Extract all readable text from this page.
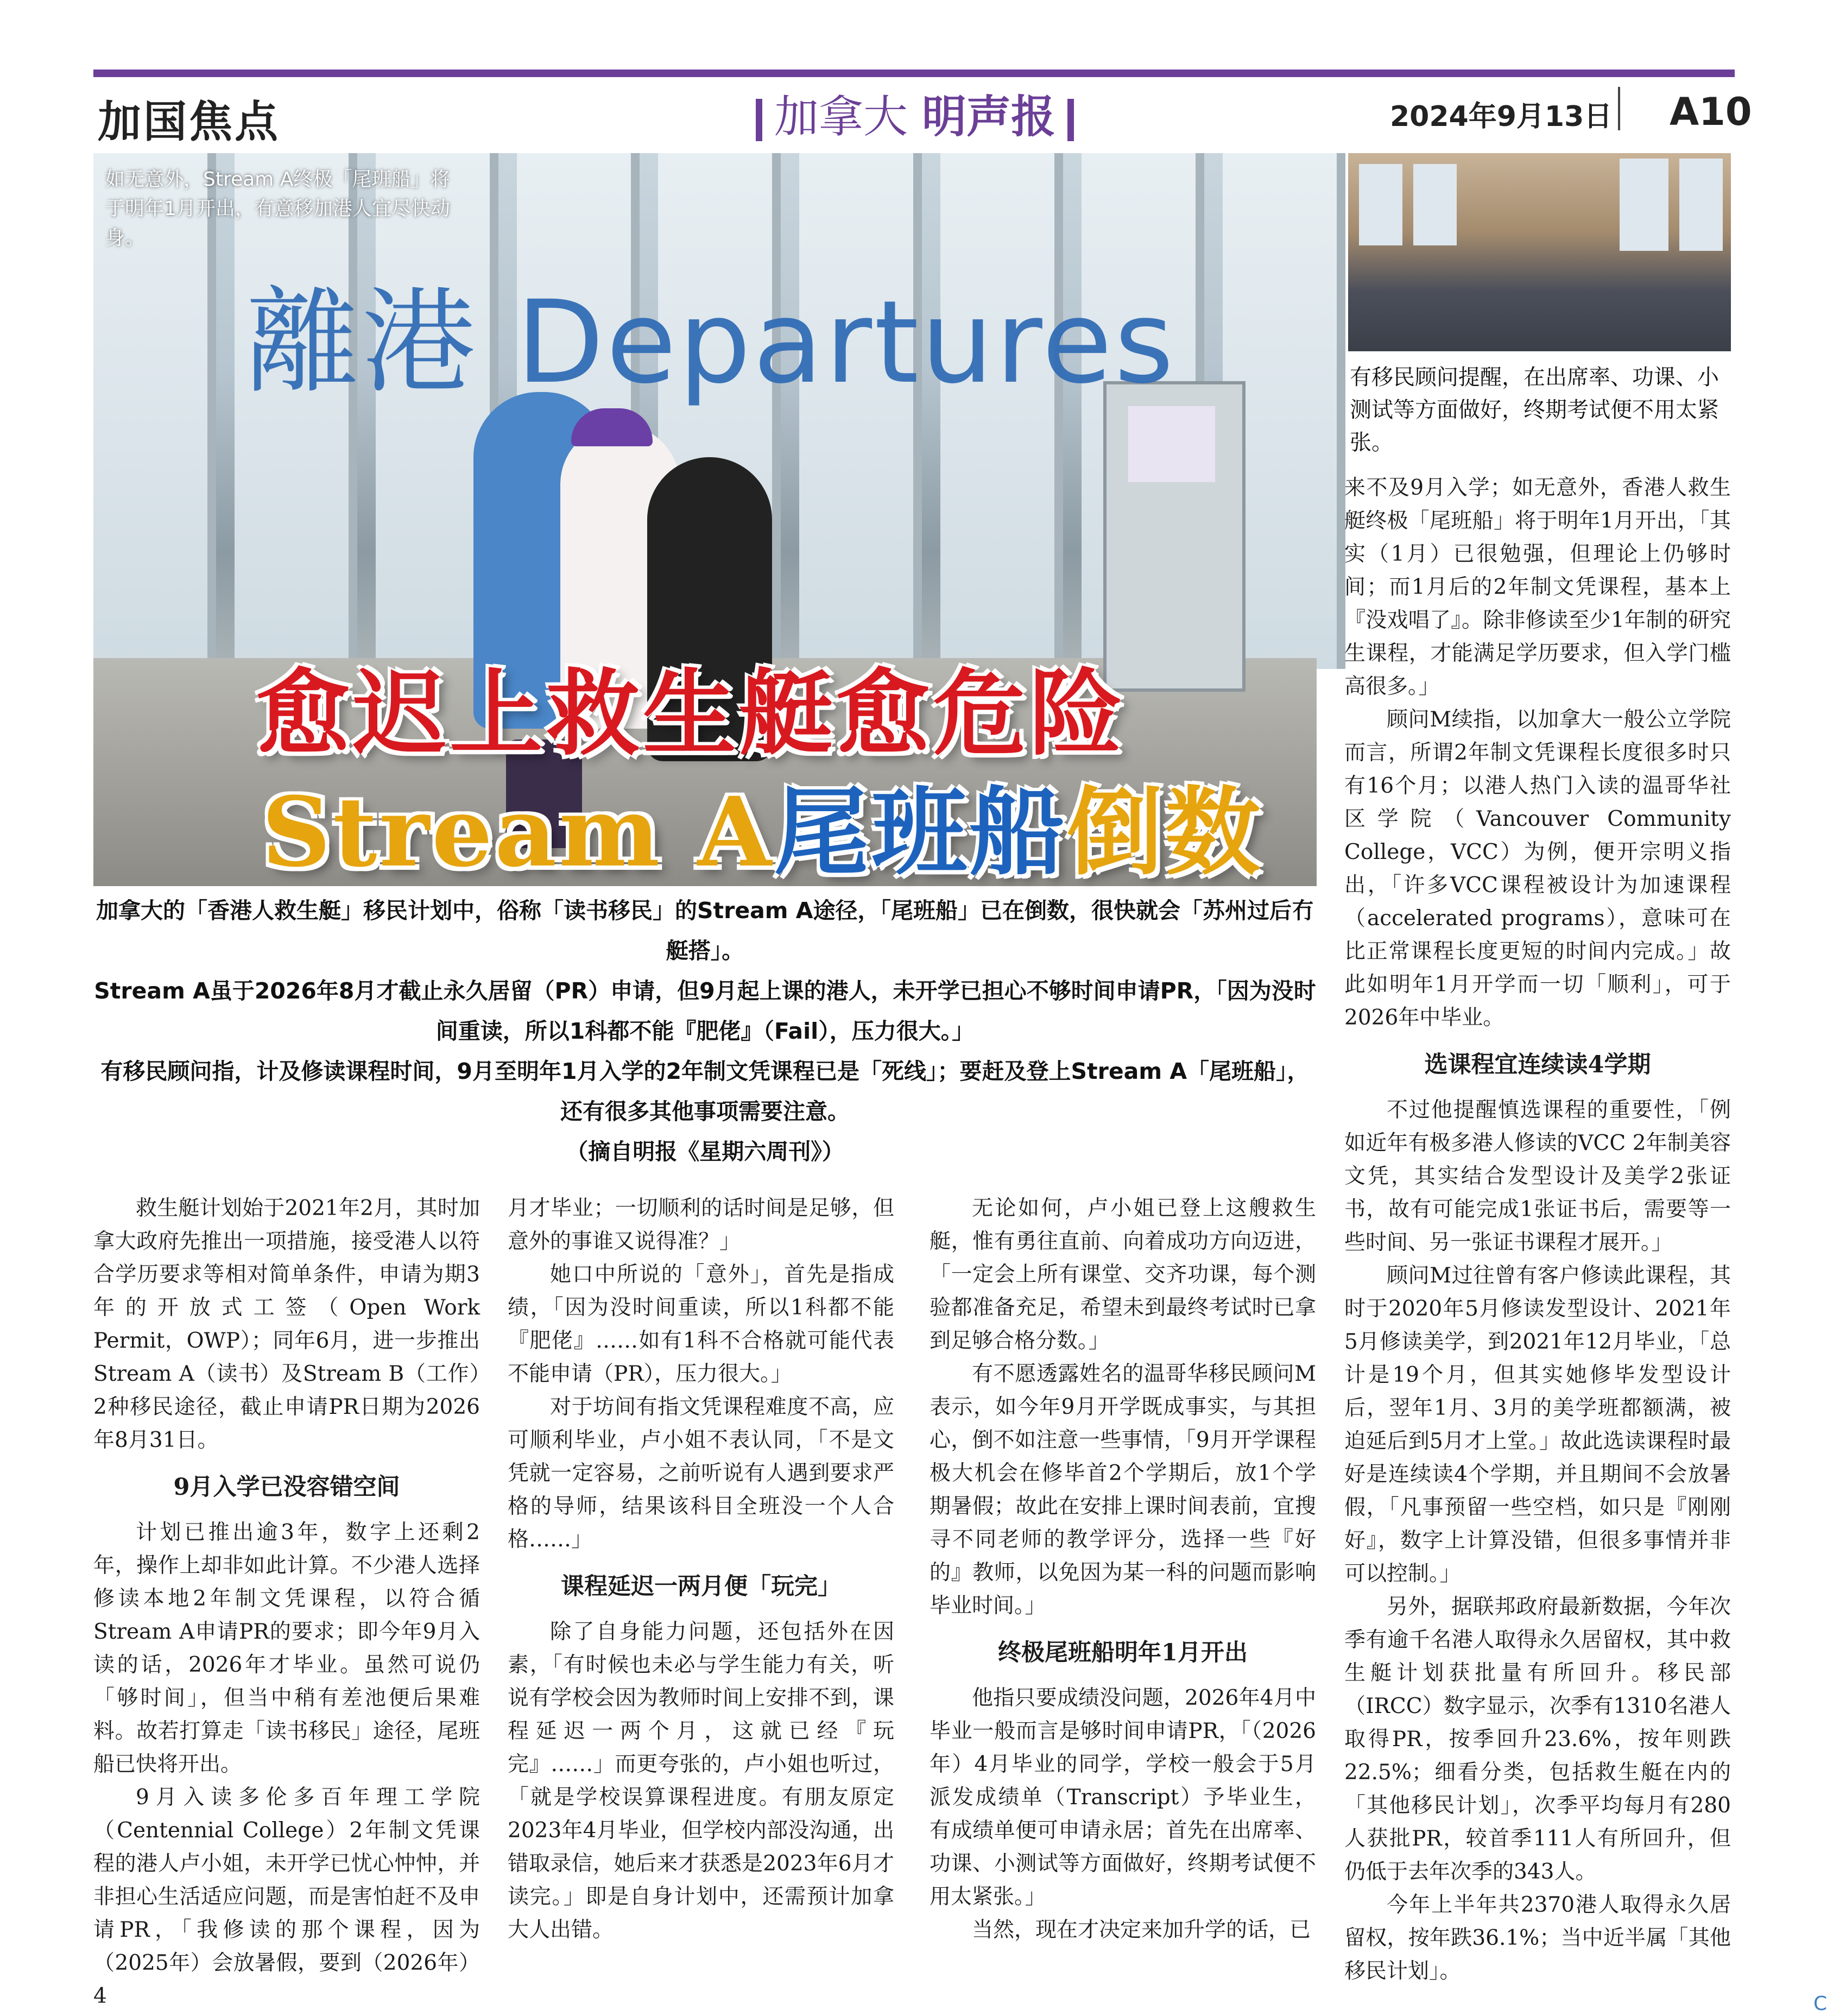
加国焦点	加拿大 明声报	2024年9月13日 A10
離港 Departures
如无意外，Stream A终极「尾班船」将于明年1月开出，有意移加港人宜尽快动身。
愈迟上救生艇愈危险
Stream A尾班船倒数
有移民顾问提醒，在出席率、功课、小测试等方面做好，终期考试便不用太紧张。

加拿大的「香港人救生艇」移民计划中，俗称「读书移民」的Stream A途径，「尾班船」已在倒数，很快就会「苏州过后冇艇搭」。

Stream A虽于2026年8月才截止永久居留（PR）申请，但9月起上课的港人，未开学已担心不够时间申请PR，「因为没时间重读，所以1科都不能『肥佬』（Fail），压力很大。」

有移民顾问指，计及修读课程时间，9月至明年1月入学的2年制文凭课程已是「死线」；要赶及登上Stream A「尾班船」，还有很多其他事项需要注意。

（摘自明报《星期六周刊》）

救生艇计划始于2021年2月，其时加拿大政府先推出一项措施，接受港人以符合学历要求等相对简单条件，申请为期3年的开放式工签（Open Work Permit，OWP）；同年6月，进一步推出Stream A（读书）及Stream B（工作）2种移民途径，截止申请PR日期为2026年8月31日。

9月入学已没容错空间

计划已推出逾3年，数字上还剩2年，操作上却非如此计算。不少港人选择修读本地2年制文凭课程，以符合循Stream A申请PR的要求；即今年9月入读的话，2026年才毕业。虽然可说仍「够时间」，但当中稍有差池便后果难料。故若打算走「读书移民」途径，尾班船已快将开出。

9月入读多伦多百年理工学院（Centennial College）2年制文凭课程的港人卢小姐，未开学已忧心忡忡，并非担心生活适应问题，而是害怕赶不及申请PR，「我修读的那个课程，因为（2025年）会放暑假，要到（2026年）4

月才毕业；一切顺利的话时间是足够，但意外的事谁又说得准？」

她口中所说的「意外」，首先是指成绩，「因为没时间重读，所以1科都不能『肥佬』……如有1科不合格就可能代表不能申请（PR），压力很大。」

对于坊间有指文凭课程难度不高，应可顺利毕业，卢小姐不表认同，「不是文凭就一定容易，之前听说有人遇到要求严格的导师，结果该科目全班没一个人合格……」

课程延迟一两月便「玩完」

除了自身能力问题，还包括外在因素，「有时候也未必与学生能力有关，听说有学校会因为教师时间上安排不到，课程延迟一两个月，这就已经『玩完』……」而更夸张的，卢小姐也听过，「就是学校误算课程进度。有朋友原定2023年4月毕业，但学校内部没沟通，出错取录信，她后来才获悉是2023年6月才读完。」即是自身计划中，还需预计加拿大人出错。

无论如何，卢小姐已登上这艘救生艇，惟有勇往直前、向着成功方向迈进，「一定会上所有课堂、交齐功课，每个测验都准备充足，希望未到最终考试时已拿到足够合格分数。」

有不愿透露姓名的温哥华移民顾问M表示，如今年9月开学既成事实，与其担心，倒不如注意一些事情，「9月开学课程极大机会在修毕首2个学期后，放1个学期暑假；故此在安排上课时间表前，宜搜寻不同老师的教学评分，选择一些『好的』教师，以免因为某一科的问题而影响毕业时间。」

终极尾班船明年1月开出

他指只要成绩没问题，2026年4月中毕业一般而言是够时间申请PR，「（2026年）4月毕业的同学，学校一般会于5月派发成绩单（Transcript）予毕业生，有成绩单便可申请永居；首先在出席率、功课、小测试等方面做好，终期考试便不用太紧张。」

当然，现在才决定来加升学的话，已

来不及9月入学；如无意外，香港人救生艇终极「尾班船」将于明年1月开出，「其实（1月）已很勉强，但理论上仍够时间；而1月后的2年制文凭课程，基本上『没戏唱了』。除非修读至少1年制的研究生课程，才能满足学历要求，但入学门槛高很多。」

顾问M续指，以加拿大一般公立学院而言，所谓2年制文凭课程长度很多时只有16个月；以港人热门入读的温哥华社区学院（Vancouver Community College，VCC）为例，便开宗明义指出，「许多VCC课程被设计为加速课程（accelerated programs），意味可在比正常课程长度更短的时间内完成。」故此如明年1月开学而一切「顺利」，可于2026年中毕业。

选课程宜连续读4学期

不过他提醒慎选课程的重要性，「例如近年有极多港人修读的VCC 2年制美容文凭，其实结合发型设计及美学2张证书，故有可能完成1张证书后，需要等一些时间、另一张证书课程才展开。」

顾问M过往曾有客户修读此课程，其时于2020年5月修读发型设计、2021年5月修读美学，到2021年12月毕业，「总计是19个月，但其实她修毕发型设计后，翌年1月、3月的美学班都额满，被迫延后到5月才上堂。」故此选读课程时最好是连续读4个学期，并且期间不会放暑假，「凡事预留一些空档，如只是『刚刚好』，数字上计算没错，但很多事情并非可以控制。」

另外，据联邦政府最新数据，今年次季有逾千名港人取得永久居留权，其中救生艇计划获批量有所回升。移民部（IRCC）数字显示，次季有1310名港人取得PR，按季回升23.6%，按年则跌22.5%；细看分类，包括救生艇在内的「其他移民计划」，次季平均每月有280人获批PR，较首季111人有所回升，但仍低于去年次季的343人。

今年上半年共2370港人取得永久居留权，按年跌36.1%；当中近半属「其他移民计划」。

C
